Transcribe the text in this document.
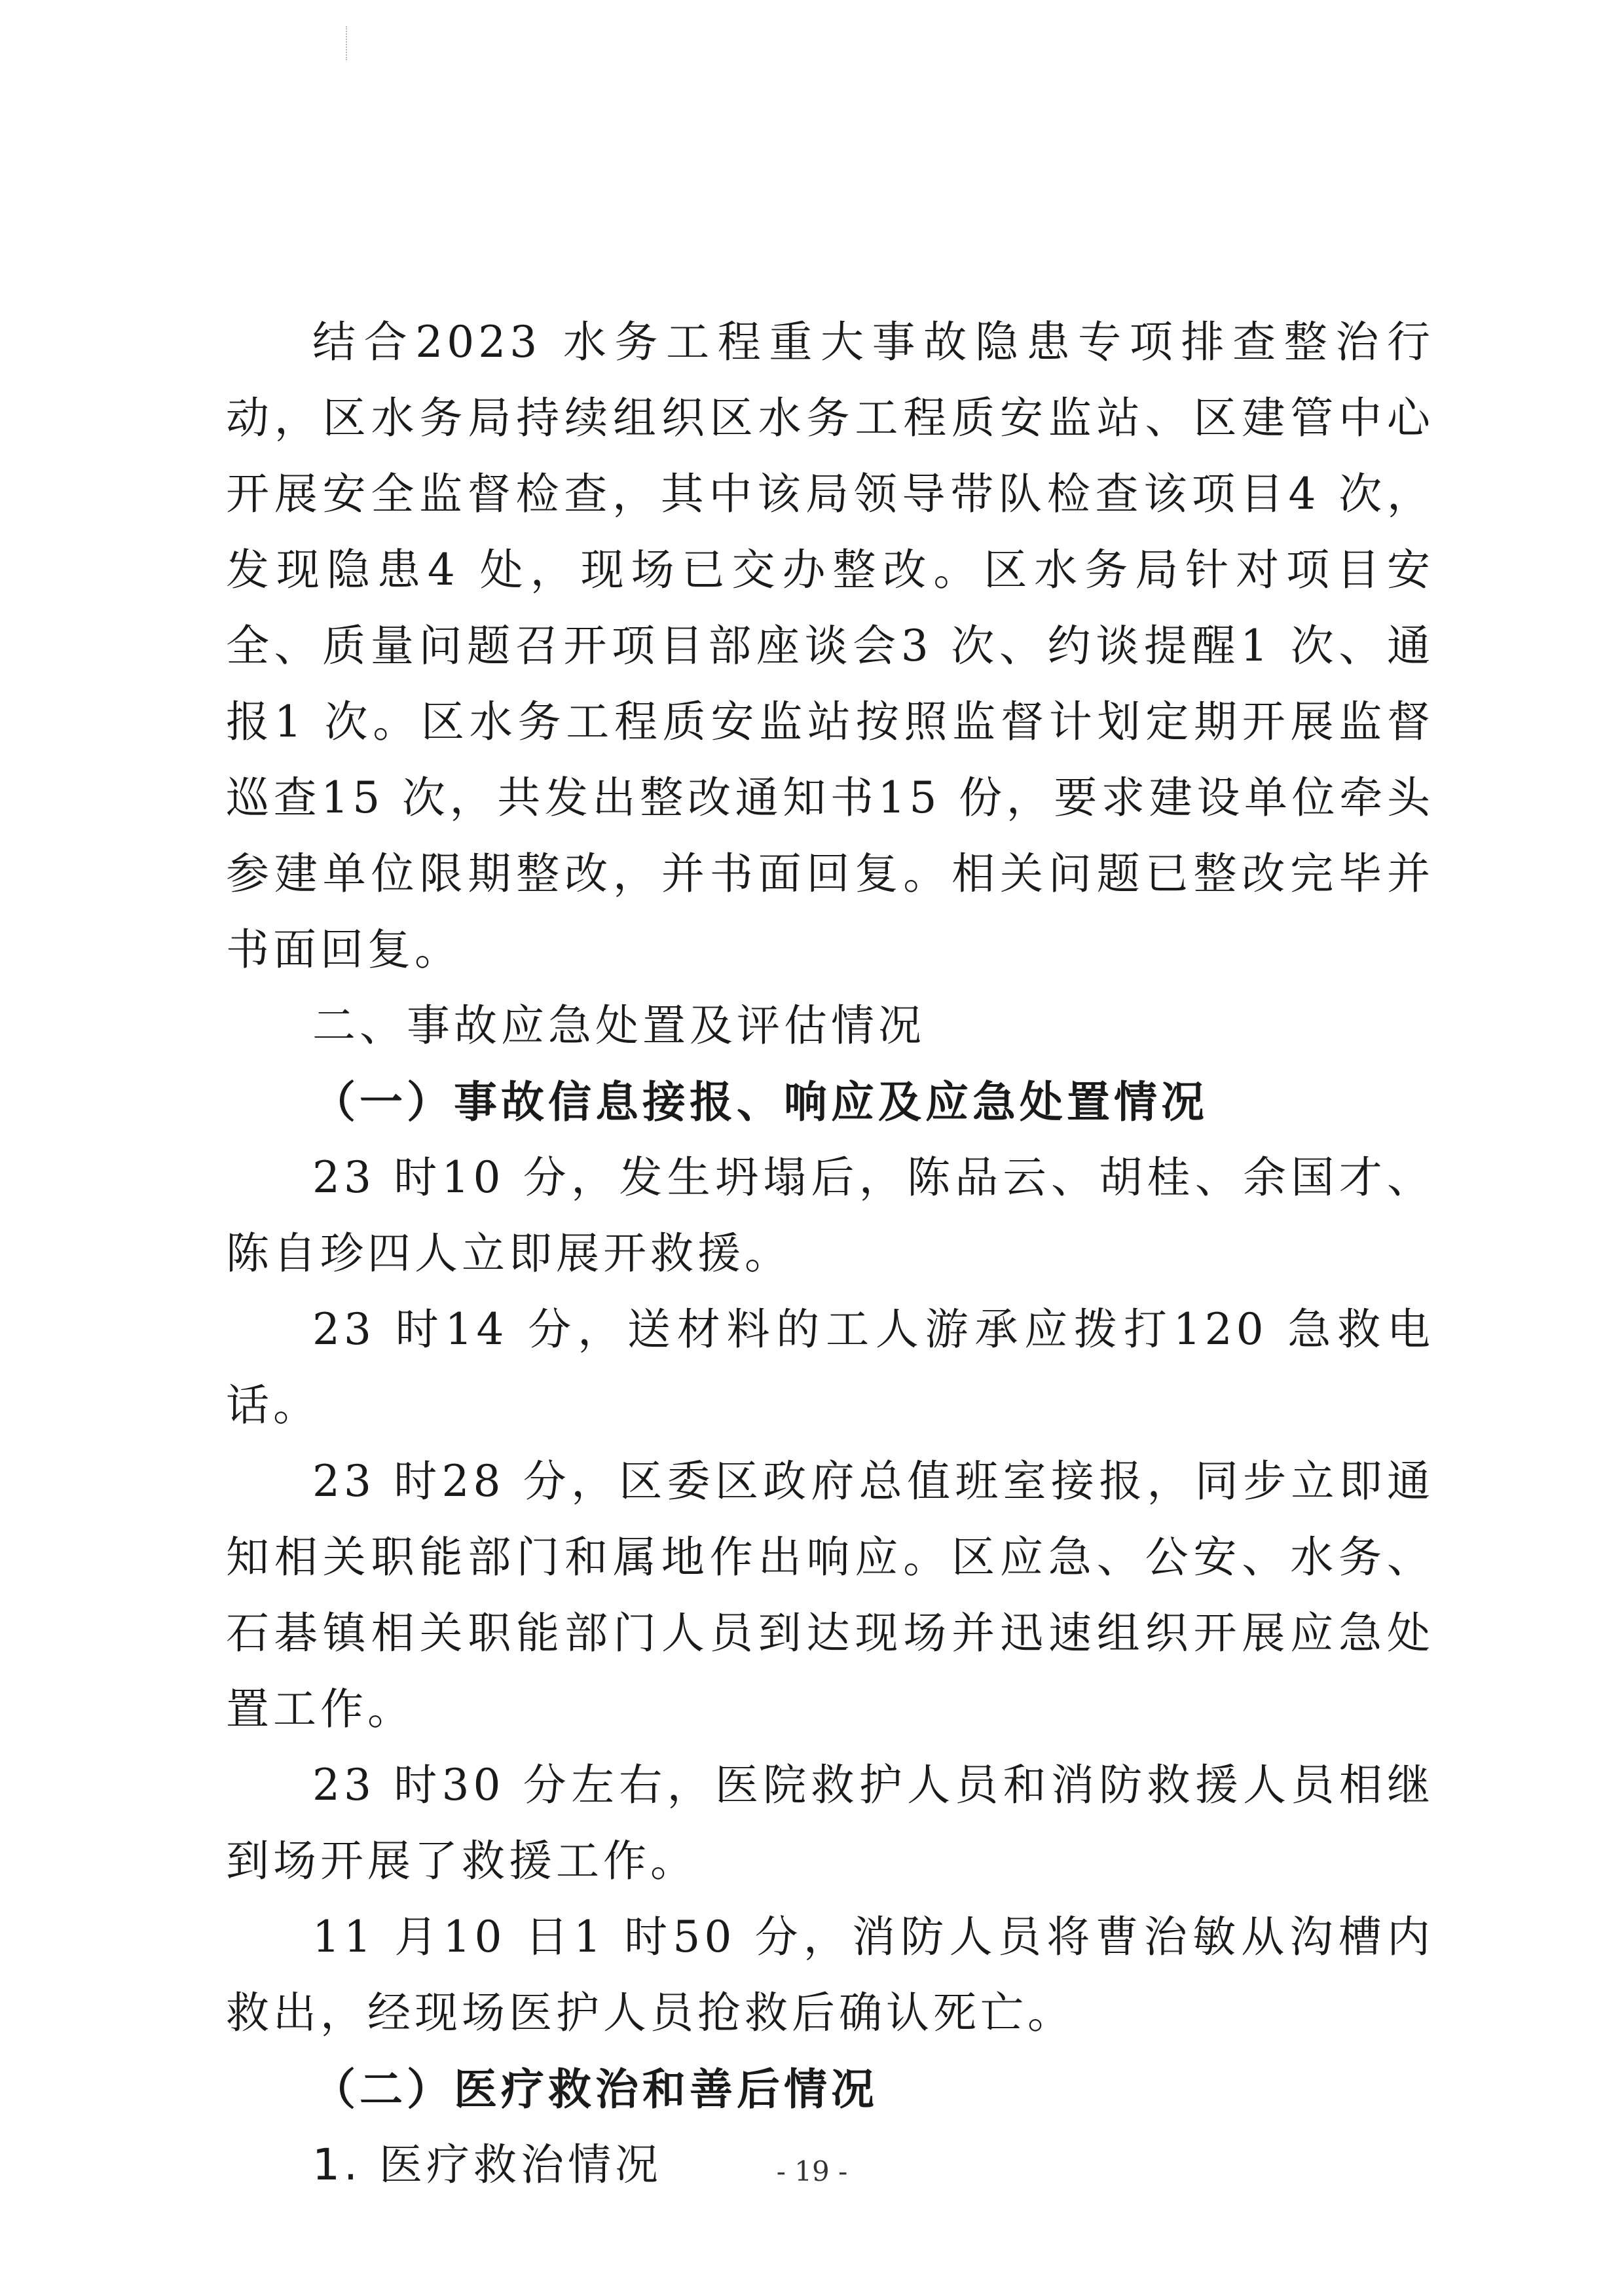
结合2023 水务工程重大事故隐患专项排查整治行动，区水务局持续组织区水务工程质安监站、区建管中心开展安全监督检查，其中该局领导带队检查该项目4 次，发现隐患4 处，现场已交办整改。区水务局针对项目安全、质量问题召开项目部座谈会3 次、约谈提醒1 次、通报1 次。区水务工程质安监站按照监督计划定期开展监督巡查15 次，共发出整改通知书15 份，要求建设单位牵头参建单位限期整改，并书面回复。相关问题已整改完毕并书面回复。

二、事故应急处置及评估情况

（一）事故信息接报、响应及应急处置情况

23 时10 分，发生坍塌后，陈品云、胡桂、余国才、陈自珍四人立即展开救援。

23 时14 分，送材料的工人游承应拨打120 急救电话。

23 时28 分，区委区政府总值班室接报，同步立即通知相关职能部门和属地作出响应。区应急、公安、水务、石碁镇相关职能部门人员到达现场并迅速组织开展应急处置工作。

23 时30 分左右，医院救护人员和消防救援人员相继到场开展了救援工作。

11 月10 日1 时50 分，消防人员将曹治敏从沟槽内救出，经现场医护人员抢救后确认死亡。

（二）医疗救治和善后情况

1. 医疗救治情况	- 19 -
